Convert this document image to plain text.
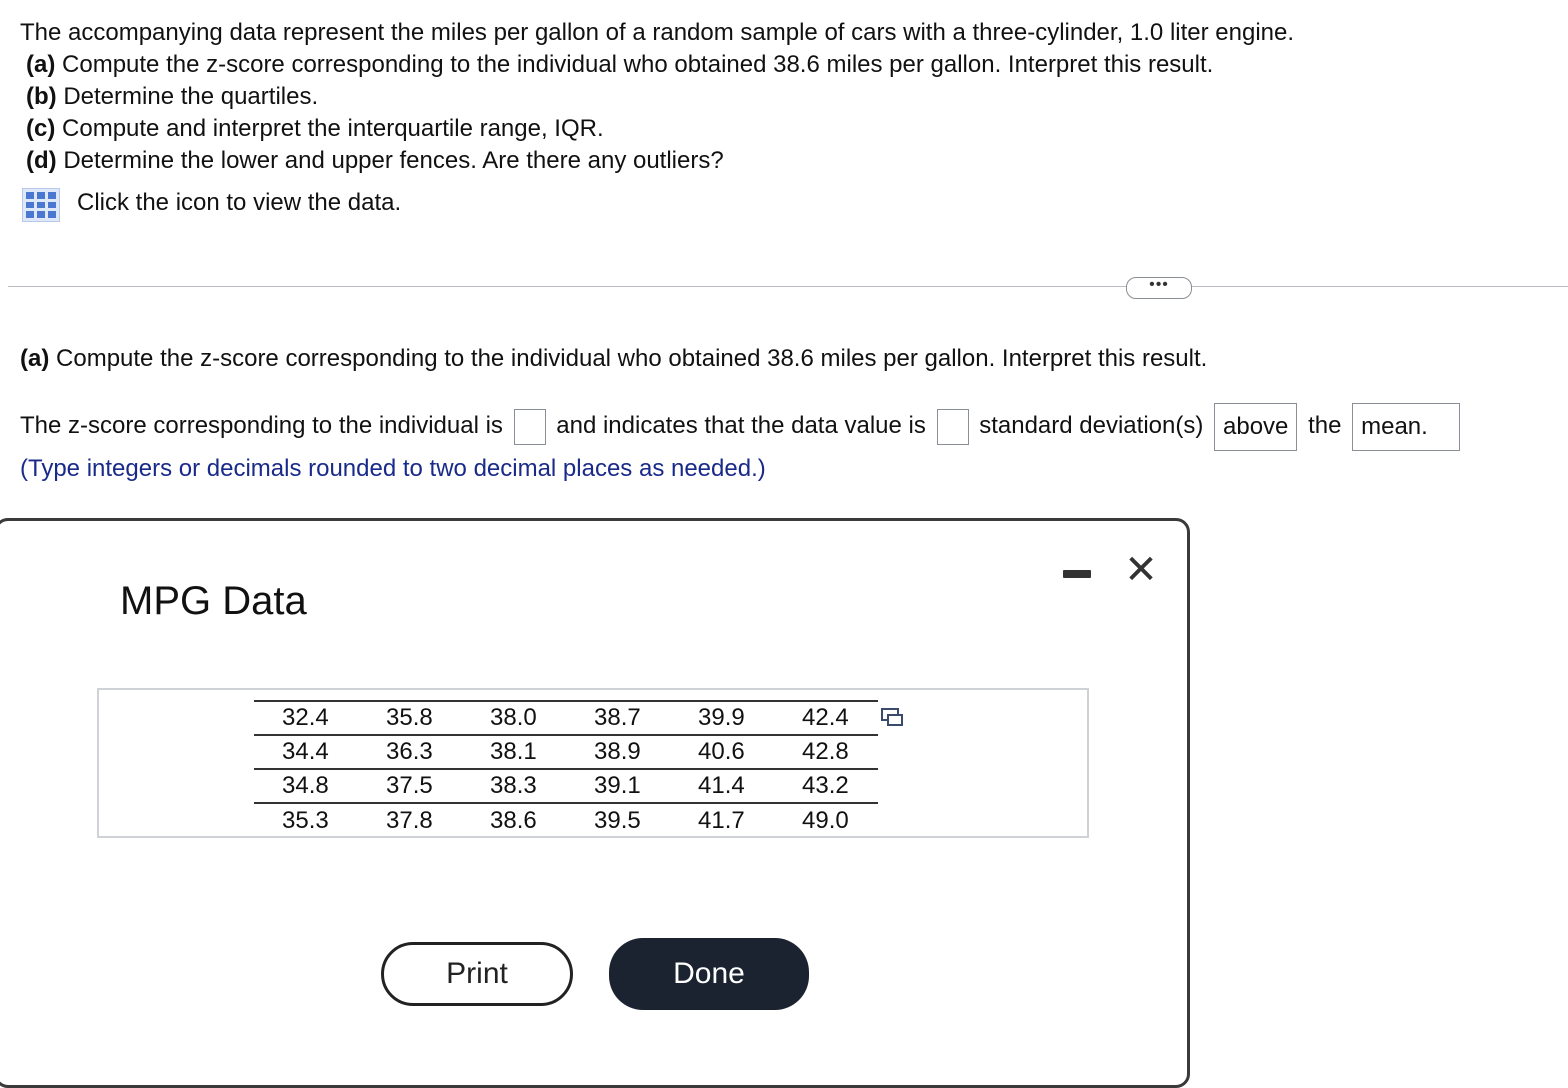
The accompanying data represent the miles per gallon of a random sample of cars with a three-cylinder, 1.0 liter engine.
(a) Compute the z-score corresponding to the individual who obtained 38.6 miles per gallon. Interpret this result.
(b) Determine the quartiles.
(c) Compute and interpret the interquartile range, IQR.
(d) Determine the lower and upper fences. Are there any outliers?
Click the icon to view the data.
•••
(a) Compute the z-score corresponding to the individual who obtained 38.6 miles per gallon. Interpret this result.
The z-score corresponding to the individual is and indicates that the data value is standard deviation(s) above the mean.
(Type integers or decimals rounded to two decimal places as needed.)
MPG Data
✕
32.4	35.8	38.0	38.7	39.9	42.4
34.4	36.3	38.1	38.9	40.6	42.8
34.8	37.5	38.3	39.1	41.4	43.2
35.3	37.8	38.6	39.5	41.7	49.0
Print	Done
